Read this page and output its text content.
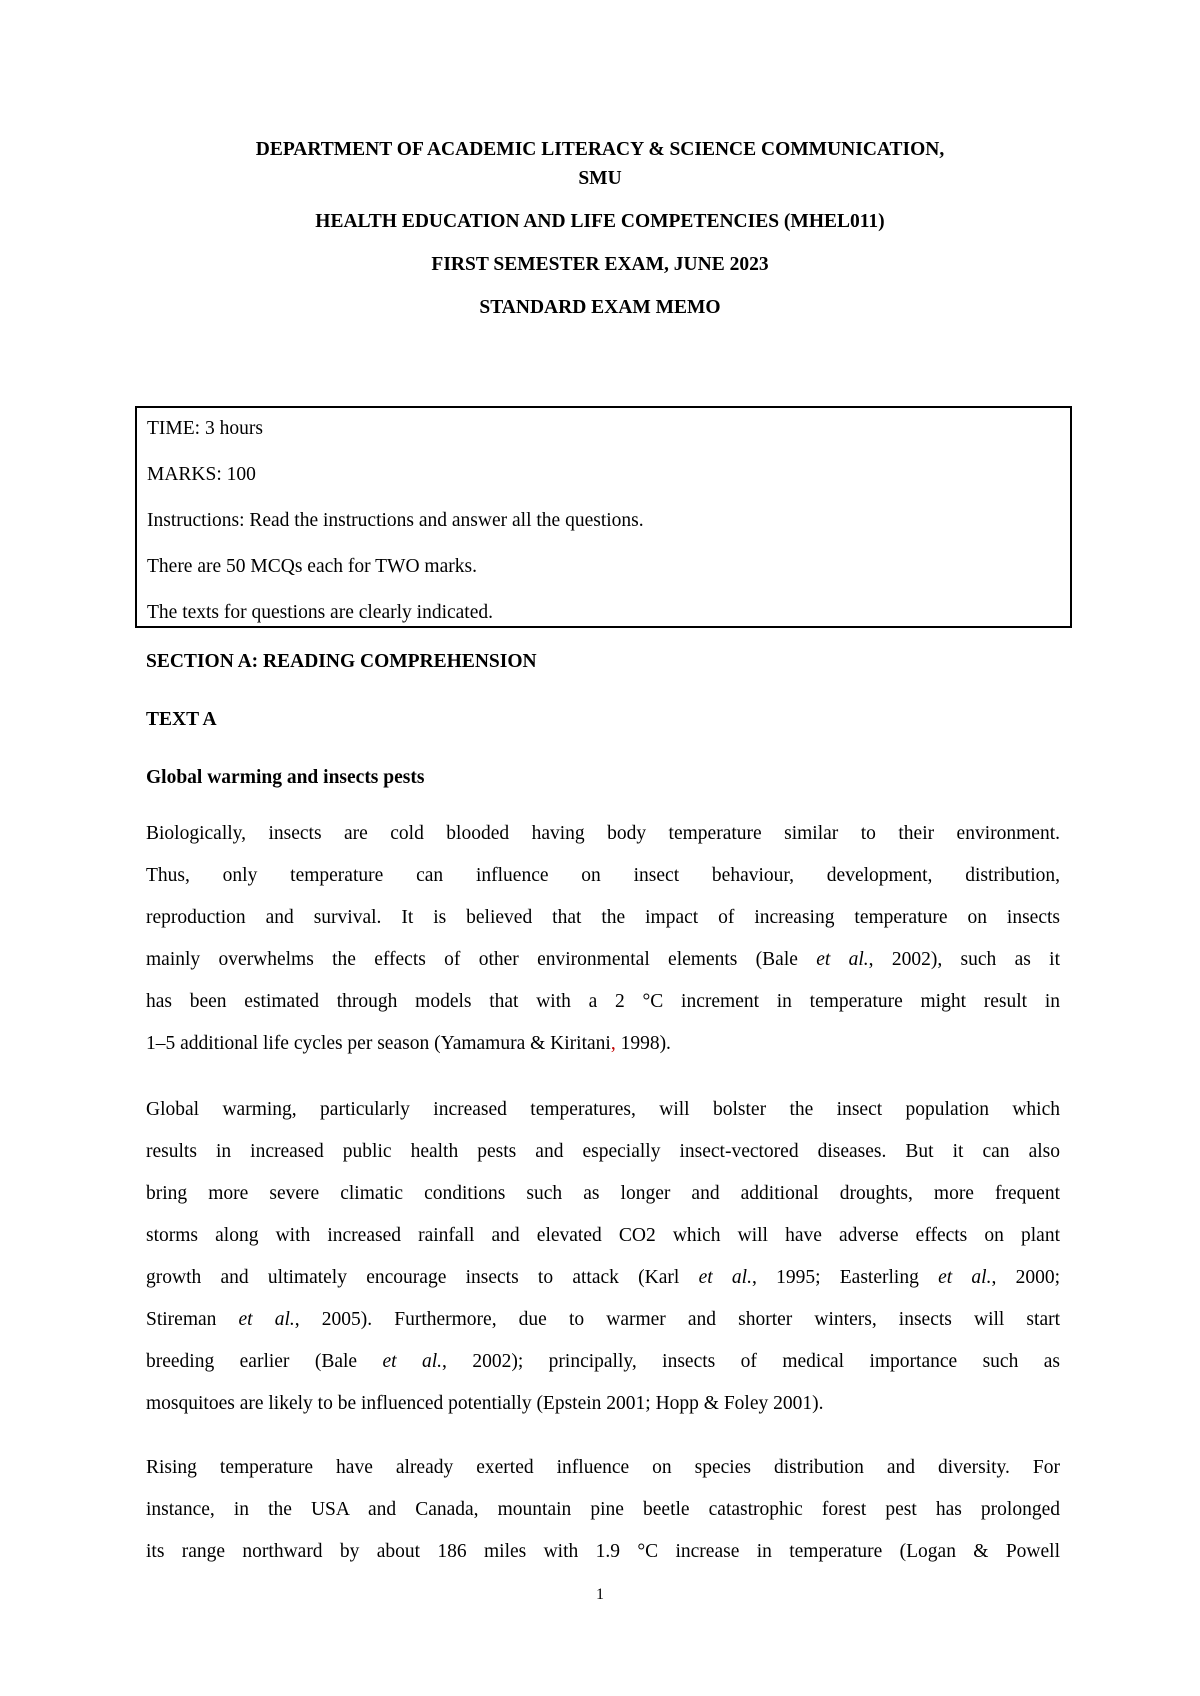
DEPARTMENT OF ACADEMIC LITERACY & SCIENCE COMMUNICATION,
SMU
HEALTH EDUCATION AND LIFE COMPETENCIES (MHEL011)
FIRST SEMESTER EXAM, JUNE 2023
STANDARD EXAM MEMO
TIME: 3 hours
MARKS: 100
Instructions: Read the instructions and answer all the questions.
There are 50 MCQs each for TWO marks.
The texts for questions are clearly indicated.
SECTION A: READING COMPREHENSION
TEXT A
Global warming and insects pests
Biologically, insects are cold blooded having body temperature similar to their environment.
Thus, only temperature can influence on insect behaviour, development, distribution,
reproduction and survival. It is believed that the impact of increasing temperature on insects
mainly overwhelms the effects of other environmental elements (Bale et al., 2002), such as it
has been estimated through models that with a 2 °C increment in temperature might result in
1–5 additional life cycles per season (Yamamura & Kiritani, 1998).
Global warming, particularly increased temperatures, will bolster the insect population which
results in increased public health pests and especially insect-vectored diseases. But it can also
bring more severe climatic conditions such as longer and additional droughts, more frequent
storms along with increased rainfall and elevated CO2 which will have adverse effects on plant
growth and ultimately encourage insects to attack (Karl et al., 1995; Easterling et al., 2000;
Stireman et al., 2005). Furthermore, due to warmer and shorter winters, insects will start
breeding earlier (Bale et al., 2002); principally, insects of medical importance such as
mosquitoes are likely to be influenced potentially (Epstein 2001; Hopp & Foley 2001).
Rising temperature have already exerted influence on species distribution and diversity. For
instance, in the USA and Canada, mountain pine beetle catastrophic forest pest has prolonged
its range northward by about 186 miles with 1.9 °C increase in temperature (Logan & Powell
1
